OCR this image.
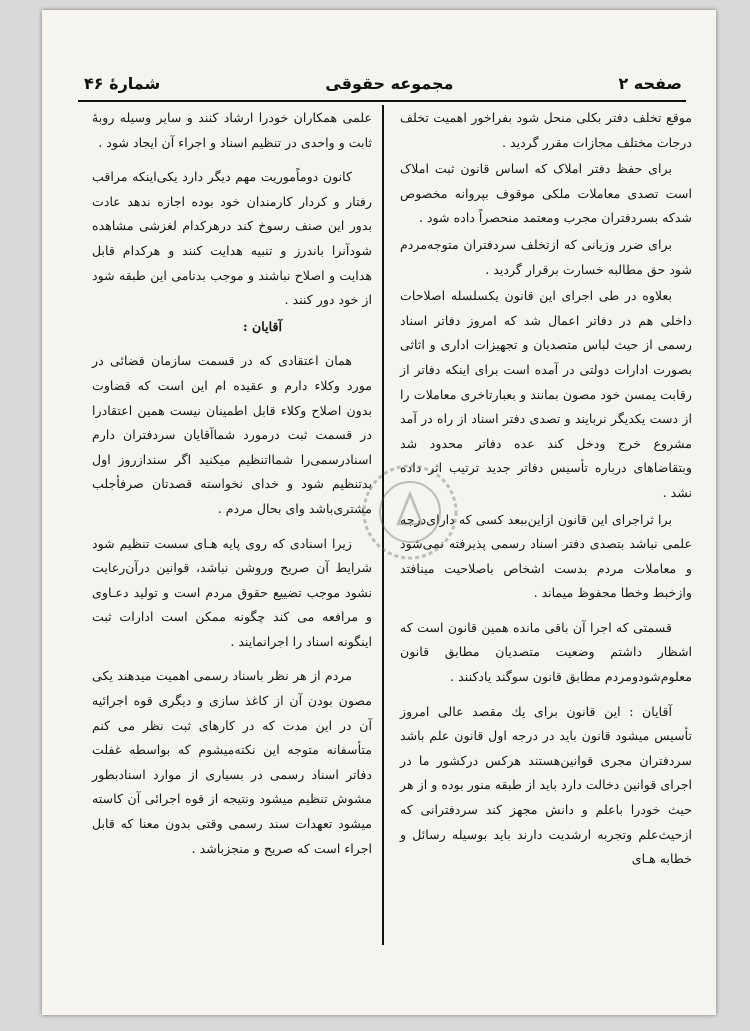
صفحه ۲
مجموعه حقوقی
شمارهٔ ۴۶

موقع تخلف دفتر بکلی منحل شود بفراخور اهمیت تخلف درجات مختلف مجازات مقرر گردید .

برای حفظ دفتر املاک که اساس قانون ثبت املاک است تصدی معاملات ملکی موقوف بپروانه مخصوص شدکه بسردفتران مجرب ومعتمد منحصراً داده شود .

برای ضرر وزیانی که ازتخلف سردفتران متوجه‌مردم شود حق مطالبه خسارت برقرار گردید .

بعلاوه در طی اجرای این قانون یکسلسله اصلاحات داخلی هم در دفاتر اعمال شد که امروز دفاتر اسناد رسمی از حیث لباس متصدیان و تجهیزات اداری و اثاثی بصورت ادارات دولتی در آمده است برای اینکه دفاتر از رقابت یمسن خود مصون بمانند و بعبارتاخری معاملات را از دست یکدیگر نربایند و تصدی دفتر اسناد از راه در آمد مشروع خرج ودخل کند عده دفاتر محدود شد وبتقاضاهای درباره تأسیس دفاتر جدید ترتیب اثر داده نشد .

برا ثراجرای این قانون ازاین‌ببعد کسی که دارای‌درجه علمی نباشد بتصدی دفتر اسناد رسمی پذیرفته نمی‌شود و معاملات مردم بدست اشخاص باصلاحیت مینافتد وازخبط وخطا محفوظ میماند .

قسمتی که اجرا آن باقی مانده همین قانون است که اشظار داشتم وضعیت متصدیان مطابق قانون معلوم‌شود‌ومردم مطابق قانون سوگند یادکنند .

آقایان : این قانون برای یك مقصد عالی امروز تأسیس میشود قانون باید در درجه اول قانون علم باشد سردفتران مجری قوانین‌هستند هرکس درکشور ما در اجرای قوانین دخالت دارد باید از طبقه منور بوده و از هر حیث خودرا باعلم و دانش مجهز کند سردفترانی که ازحیث‌علم وتجربه ارشدیت دارند باید بوسیله رسائل و خطابه هـای

علمی همکاران خودرا ارشاد کنند و سایر وسیله روبهٔ ثابت و واحدی در تنظیم اسناد و اجراء آن ایجاد شود .

کانون دوماًموریت مهم دیگر دارد یکی‌اینکه مراقب رفتار و کردار کارمندان خود بوده اجازه ندهد عادت بدور این صنف رسوخ کند درهرکدام لغزشی مشاهده شودآنرا باندرز و تنبیه هدایت کنند و هرکدام قابل هدایت و اصلاح نباشند و موجب بدنامی این طبقه شود از خود دور کنند .

آقایان :

همان اعتقادی که در قسمت سازمان قضائی در مورد وکلاء دارم و عقیده ام این است که قضاوت بدون اصلاح وکلاء قابل اطمینان نیست همین اعتقادرا در قسمت ثبت درمورد شماآقایان سردفتران دارم اسنادرسمی‌را شمااتنظیم میکنید اگر سنداز‌روز اول بدتنظیم شود و خدای نخواسته قصدتان صرفأجلب مشتری‌باشد وای بحال مردم .

زیرا اسنادی که روی پایه هـای سست تنظیم شود‌ شرایط آن صریح وروشن نباشد‌، قوانین درآن‌رعایت نشود موجب تضییع حقوق مردم است و تولید دعـاوی و مرافعه می کند چگونه ممکن است ادارات ثبت اینگونه اسناد را اجرانمایند .

مردم از هر نظر باسناد رسمی اهمیت میدهند یکی مصون بودن آن از کاغذ سازی و دیگری قوه اجرائیه آن در این مدت که در کارهای ثبت نظر می کنم متأسفانه متوجه این نکته‌میشوم که بواسطه غفلت دفاتر اسناد رسمی در بسیاری از موارد اسنادبطور مشوش تنظیم میشود ونتیجه از قوه اجرائی آن کاسته میشود تعهدات سند رسمی وقتی بدون معنا که قابل اجراء است که صریح و منجزباشد .
